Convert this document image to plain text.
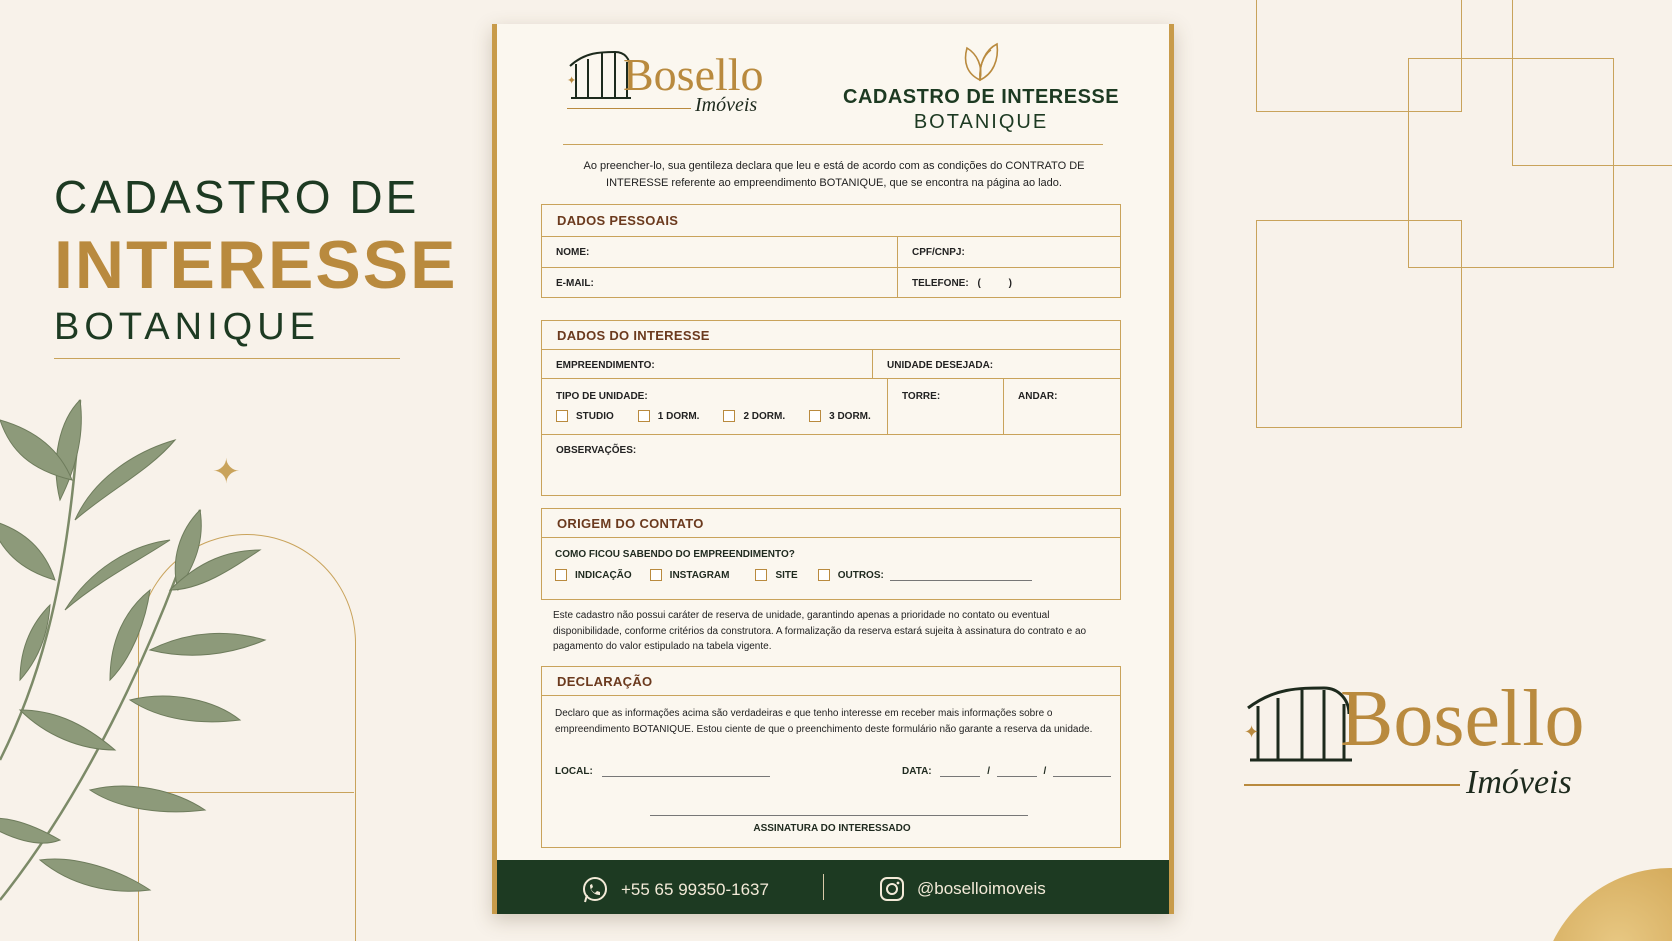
✦
CADASTRO DE
INTERESSE
BOTANIQUE
✦ Bosello
Imóveis
✦ Bosello
Imóveis	CADASTRO DE INTERESSE
BOTANIQUE
Ao preencher-lo, sua gentileza declara que leu e está de acordo com as condições do CONTRATO DE INTERESSE referente ao empreendimento BOTANIQUE, que se encontra na página ao lado.
DADOS PESSOAIS
NOME:	CPF/CNPJ:
E-MAIL:	TELEFONE: (          )
DADOS DO INTERESSE
EMPREENDIMENTO:	UNIDADE DESEJADA:
TIPO DE UNIDADE:
STUDIO	1 DORM.	2 DORM.	3 DORM.
TORRE:	ANDAR:
OBSERVAÇÕES:
ORIGEM DO CONTATO
COMO FICOU SABENDO DO EMPREENDIMENTO?
INDICAÇÃO	INSTAGRAM	SITE	OUTROS:
Este cadastro não possui caráter de reserva de unidade, garantindo apenas a prioridade no contato ou eventual disponibilidade, conforme critérios da construtora. A formalização da reserva estará sujeita à assinatura do contrato e ao pagamento do valor estipulado na tabela vigente.
DECLARAÇÃO
Declaro que as informações acima são verdadeiras e que tenho interesse em receber mais informações sobre o empreendimento BOTANIQUE. Estou ciente de que o preenchimento deste formulário não garante a reserva da unidade.
LOCAL:	DATA:	/	/
ASSINATURA DO INTERESSADO
+55 65 99350-1637	@boselloimoveis
